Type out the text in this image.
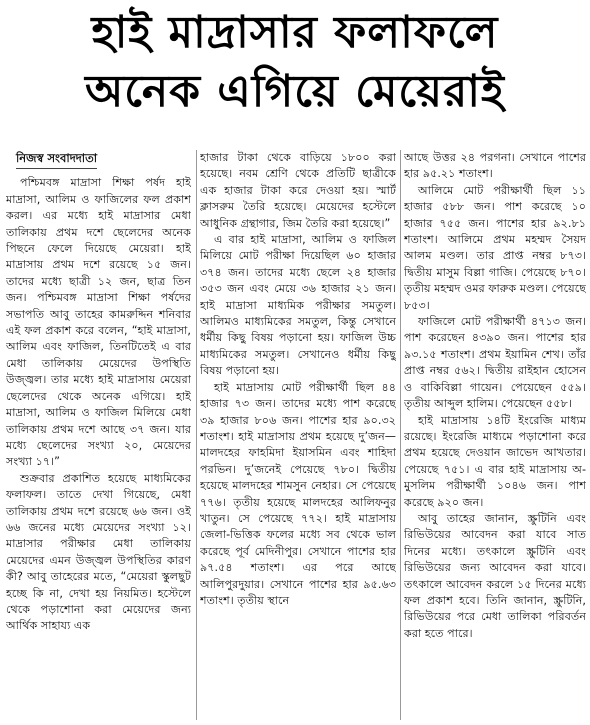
হাই মাদ্রাসার ফলাফলে
অনেক এগিয়ে মেয়েরাই
নিজস্ব সংবাদদাতা

পশ্চিমবঙ্গ মাদ্রাসা শিক্ষা পর্ষদ হাই মাদ্রাসা, আলিম ও ফাজিলের ফল প্রকাশ করল। এর মধ্যে হাই মাদ্রাসার মেধা তালিকায় প্রথম দশে ছেলেদের অনেক পিছনে ফেলে দিয়েছে মেয়েরা। হাই মাদ্রাসায় প্রথম দশে রয়েছে ১৫ জন। তাদের মধ্যে ছাত্রী ১২ জন, ছাত্র তিন জন। পশ্চিমবঙ্গ মাদ্রাসা শিক্ষা পর্ষদের সভাপতি আবু তাহের কামরুদ্দিন শনিবার এই ফল প্রকাশ করে বলেন, “হাই মাদ্রাসা, আলিম এবং ফাজিল, তিনটিতেই এ বার মেধা তালিকায় মেয়েদের উপস্থিতি উজ্জ্বল। তার মধ্যে হাই মাদ্রাসায় মেয়েরা ছেলেদের থেকে অনেক এগিয়ে। হাই মাদ্রাসা, আলিম ও ফাজিল মিলিয়ে মেধা তালিকায় প্রথম দশে আছে ৩৭ জন। যার মধ্যে ছেলেদের সংখ্যা ২০, মেয়েদের সংখ্যা ১৭।”

শুক্রবার প্রকাশিত হয়েছে মাধ্যমিকের ফলাফল। তাতে দেখা গিয়েছে, মেধা তালিকায় প্রথম দশে রয়েছে ৬৬ জন। ওই ৬৬ জনের মধ্যে মেয়েদের সংখ্যা ১২। মাদ্রাসার পরীক্ষার মেধা তালিকায় মেয়েদের এমন উজ্জ্বল উপস্থিতির কারণ কী? আবু তাহেরের মতে, “মেয়েরা স্কুলছুট হচ্ছে কি না, দেখা হয় নিয়মিত। হস্টেলে থেকে পড়াশোনা করা মেয়েদের জন্য আর্থিক সাহায্য এক

হাজার টাকা থেকে বাড়িয়ে ১৮০০ করা হয়েছে। নবম শ্রেণি থেকে প্রতিটি ছাত্রীকে এক হাজার টাকা করে দেওয়া হয়। স্মার্ট ক্লাসরুম তৈরি হয়েছে। মেয়েদের হস্টেলে আধুনিক গ্রন্থাগার, জিম তৈরি করা হয়েছে।”

এ বার হাই মাদ্রাসা, আলিম ও ফাজিল মিলিয়ে মোট পরীক্ষা দিয়েছিল ৬০ হাজার ৩৭৪ জন। তাদের মধ্যে ছেলে ২৪ হাজার ৩৫৩ জন এবং মেয়ে ৩৬ হাজার ২১ জন। হাই মাদ্রাসা মাধ্যমিক পরীক্ষার সমতুল। আলিমও মাধ্যমিকের সমতুল, কিন্তু সেখানে ধর্মীয় কিছু বিষয় পড়ানো হয়। ফাজিল উচ্চ মাধ্যমিকের সমতুল। সেখানেও ধর্মীয় কিছু বিষয় পড়ানো হয়।

হাই মাদ্রাসায় মোট পরীক্ষার্থী ছিল ৪৪ হাজার ৭৩ জন। তাদের মধ্যে পাশ করেছে ৩৯ হাজার ৮০৬ জন। পাশের হার ৯০.৩২ শতাংশ। হাই মাদ্রাসায় প্রথম হয়েছে দু’জন— মালদহের ফাহমিদা ইয়াসমিন এবং শাহিদা পরভিন। দু’জনেই পেয়েছে ৭৮০। দ্বিতীয় হয়েছে মালদহের শামসুন নেহার। সে পেয়েছে ৭৭৬। তৃতীয় হয়েছে মালদহের আলিফনুর খাতুন। সে পেয়েছে ৭৭২। হাই মাদ্রাসায় জেলা-ভিত্তিক ফলের মধ্যে সব থেকে ভাল করেছে পূর্ব মেদিনীপুর। সেখানে পাশের হার ৯৭.৫৪ শতাংশ। এর পরে আছে আলিপুরদুয়ার। সেখানে পাশের হার ৯৫.৬৩ শতাংশ। তৃতীয় স্থানে

আছে উত্তর ২৪ পরগনা। সেখানে পাশের হার ৯৫.২১ শতাংশ।

আলিমে মোট পরীক্ষার্থী ছিল ১১ হাজার ৫৮৮ জন। পাশ করেছে ১০ হাজার ৭৫৫ জন। পাশের হার ৯২.৮১ শতাংশ। আলিমে প্রথম মহম্মদ সৈয়দ আলম মণ্ডল। তার প্রাপ্ত নম্বর ৮৭৩। দ্বিতীয় মাসুম বিল্লা গাজি। পেয়েছে ৮৭০। তৃতীয় মহম্মদ ওমর ফারুক মণ্ডল। পেয়েছে ৮৫৩।

ফাজিলে মোট পরীক্ষার্থী ৪৭১৩ জন। পাশ করেছেন ৪৩৯০ জন। পাশের হার ৯৩.১৫ শতাংশ। প্রথম ইয়ামিন শেখ। তাঁর প্রাপ্ত নম্বর ৫৬২। দ্বিতীয় রাইহান হোসেন ও বাকিবিল্লা গায়েন। পেয়েছেন ৫৫৯। তৃতীয় আব্দুল হালিম। পেয়েছেন ৫৫৮।

হাই মাদ্রাসায় ১৪টি ইংরেজি মাধ্যম রয়েছে। ইংরেজি মাধ্যমে পড়াশোনা করে প্রথম হয়েছে দেওয়ান জাভেদ আখতার। পেয়েছে ৭৫১। এ বার হাই মাদ্রাসায় অ-মুসলিম পরীক্ষার্থী ১০৪৬ জন। পাশ করেছে ৯২০ জন।

আবু তাহের জানান, স্ক্রুটিনি এবং রিভিউয়ের আবেদন করা যাবে সাত দিনের মধ্যে। তৎকালে স্ক্রুটিনি এবং রিভিউয়ের জন্য আবেদন করা যাবে। তৎকালে আবেদন করলে ১৫ দিনের মধ্যে ফল প্রকাশ হবে। তিনি জানান, স্ক্রুটিনি, রিভিউয়ের পরে মেধা তালিকা পরিবর্তন করা হতে পারে।
